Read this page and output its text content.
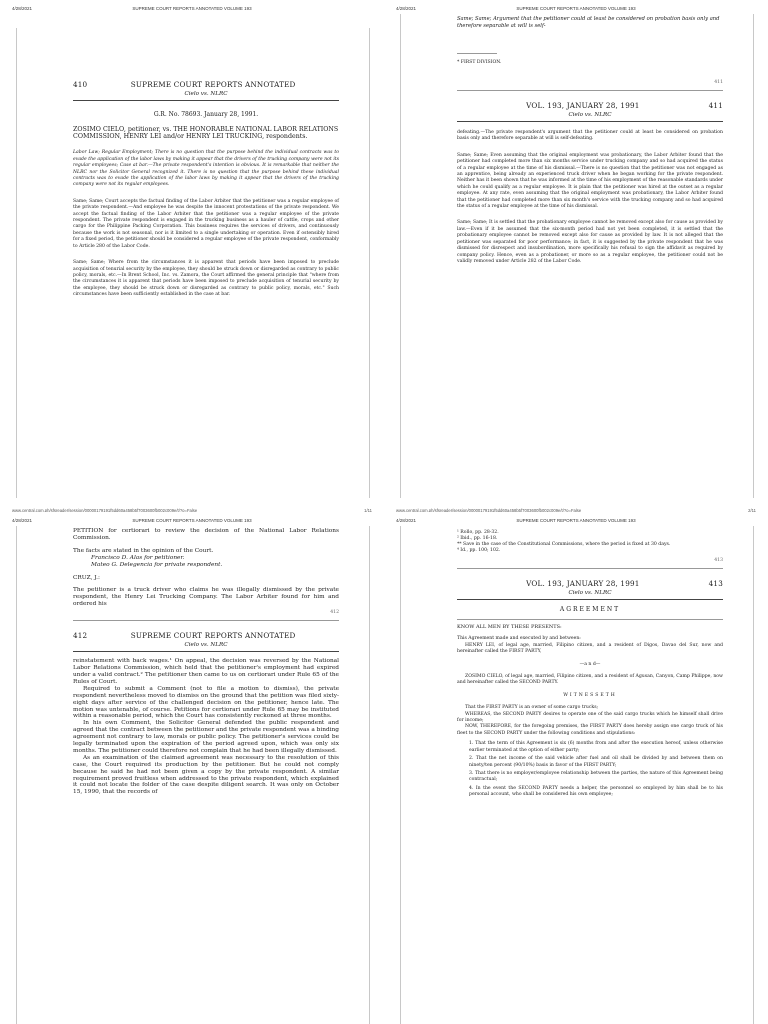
4/28/2021	SUPREME COURT REPORTS ANNOTATED VOLUME 193
410	SUPREME COURT REPORTS ANNOTATED
Cielo vs. NLRC
G.R. No. 78693. January 28, 1991.

ZOSIMO CIELO, petitioner, vs. THE HONORABLE NATIONAL LABOR RELATIONS COMMISSION, HENRY LEI and/or HENRY LEI TRUCKING, respondents.

Labor Law; Regular Employment; There is no question that the purpose behind the individual contracts was to evade the application of the labor laws by making it appear that the drivers of the trucking company were not its regular employees; Case at bar.—The private respondent's intention is obvious. It is remarkable that neither the NLRC nor the Solicitor General recognized it. There is no question that the purpose behind these individual contracts was to evade the application of the labor laws by making it appear that the drivers of the trucking company were not its regular employees.

Same; Same; Court accepts the factual finding of the Labor Arbiter that the petitioner was a regular employee of the private respondent.—And employee he was despite the innocent protestations of the private respondent. We accept the factual finding of the Labor Arbiter that the petitioner was a regular employee of the private respondent. The private respondent is engaged in the trucking business as a hauler of cattle, crops and other cargo for the Philippine Packing Corporation. This business requires the services of drivers, and continuously because the work is not seasonal, nor is it limited to a single undertaking or operation. Even if ostensibly hired for a fixed period, the petitioner should be considered a regular employee of the private respondent, conformably to Article 280 of the Labor Code.

Same; Same; Where from the circumstances it is apparent that periods have been imposed to preclude acquisition of tenurial security by the employee, they should be struck down or disregarded as contrary to public policy, morals, etc.—In Brent School, Inc. vs. Zamora, the Court affirmed the general principle that "where from the circumstances it is apparent that periods have been imposed to preclude acquisition of tenurial security by the employee, they should be struck down or disregarded as contrary to public policy, morals, etc." Such circumstances have been sufficiently established in the case at bar.

www.central.com.ph/sfsreader/session/00000179191f5dd60a458b5f7003600fb002c009e/t/?o=False	1/11
4/28/2021	SUPREME COURT REPORTS ANNOTATED VOLUME 193

Same; Same; Argument that the petitioner could at least be considered on probation basis only and therefore separable at will is self-

* FIRST DIVISION.

411
VOL. 193, JANUARY 28, 1991	411
Cielo vs. NLRC

defeating.—The private respondent's argument that the petitioner could at least be considered on probation basis only and therefore separable at will is self-defeating.

Same; Same; Even assuming that the original employment was probationary, the Labor Arbiter found that the petitioner had completed more than six months service under trucking company and so had acquired the status of a regular employee at the time of his dismissal.—There is no question that the petitioner was not engaged as an apprentice, being already an experienced truck driver when he began working for the private respondent. Neither has it been shown that he was informed at the time of his employment of the reasonable standards under which he could qualify as a regular employee. It is plain that the petitioner was hired at the outset as a regular employee. At any rate, even assuming that the original employment was probationary, the Labor Arbiter found that the petitioner had completed more than six month's service with the trucking company and so had acquired the status of a regular employee at the time of his dismissal.

Same; Same; It is settled that the probationary employee cannot be removed except also for cause as provided by law.—Even if it be assumed that the six-month period had not yet been completed, it is settled that the probationary employee cannot be removed except also for cause as provided by law. It is not alleged that the petitioner was separated for poor performance; in fact, it is suggested by the private respondent that he was dismissed for disrespect and insubordination, more specifically his refusal to sign the affidavit as required by company policy. Hence, even as a probationer, or more so as a regular employee, the petitioner could not be validly removed under Article 282 of the Labor Code.

www.central.com.ph/sfsreader/session/00000179191f5dd60a458b5f7003600fb002c009e/t/?o=False	2/11
4/28/2021	SUPREME COURT REPORTS ANNOTATED VOLUME 193

PETITION for certiorari to review the decision of the National Labor Relations Commission.

The facts are stated in the opinion of the Court.

Francisco D. Alas for petitioner.

Mateo G. Delegencia for private respondent.

CRUZ, J.:

The petitioner is a truck driver who claims he was illegally dismissed by the private respondent, the Henry Lei Trucking Company. The Labor Arbiter found for him and ordered his

412
412	SUPREME COURT REPORTS ANNOTATED
Cielo vs. NLRC

reinstatement with back wages.¹ On appeal, the decision was reversed by the National Labor Relations Commission, which held that the petitioner's employment had expired under a valid contract.² The petitioner then came to us on certiorari under Rule 65 of the Rules of Court.

Required to submit a Comment (not to file a motion to dismiss), the private respondent nevertheless moved to dismiss on the ground that the petition was filed sixty-eight days after service of the challenged decision on the petitioner, hence late. The motion was untenable, of course. Petitions for certiorari under Rule 65 may be instituted within a reasonable period, which the Court has consistently reckoned at three months.

In his own Comment, the Solicitor General defended the public respondent and agreed that the contract between the petitioner and the private respondent was a binding agreement not contrary to law, morals or public policy. The petitioner's services could be legally terminated upon the expiration of the period agreed upon, which was only six months. The petitioner could therefore not complain that he had been illegally dismissed.

As an examination of the claimed agreement was necessary to the resolution of this case, the Court required its production by the petitioner. But he could not comply because he said he had not been given a copy by the private respondent. A similar requirement proved fruitless when addressed to the private respondent, which explained it could not locate the folder of the case despite diligent search. It was only on October 15, 1990, that the records of

4/28/2021	SUPREME COURT REPORTS ANNOTATED VOLUME 193

¹ Rollo, pp. 28-32.

² Ibid., pp. 16-18.

** Save in the case of the Constitutional Commissions, where the period is fixed at 30 days.

⁴ Id., pp. 100; 102.

413
VOL. 193, JANUARY 28, 1991	413
Cielo vs. NLRC
AGREEMENT

KNOW ALL MEN BY THESE PRESENTS:

This Agreement made and executed by and between:

HENRY LEI, of legal age, married, Filipino citizen, and a resident of Digos, Davao del Sur, now and hereinafter called the FIRST PARTY,

—a n d—

ZOSIMO CIELO, of legal age, married, Filipino citizen, and a resident of Agusan, Canyon, Camp Philippe, now and hereinafter called the SECOND PARTY.

WITNESSETH

That the FIRST PARTY is an owner of some cargo trucks;

WHEREAS, the SECOND PARTY desires to operate one of the said cargo trucks which he himself shall drive for income;

NOW, THEREFORE, for the foregoing premises, the FIRST PARTY does hereby assign one cargo truck of his fleet to the SECOND PARTY under the following conditions and stipulations:

1. That the term of this Agreement is six (6) months from and after the execution hereof, unless otherwise earlier terminated at the option of either party;

2. That the net income of the said vehicle after fuel and oil shall be divided by and between them on ninety/ten percent (90/10%) basis in favor of the FIRST PARTY;

3. That there is no employer/employee relationship between the parties, the nature of this Agreement being contractual;

4. In the event the SECOND PARTY needs a helper, the personnel so employed by him shall be to his personal account, who shall be considered his own employee;
